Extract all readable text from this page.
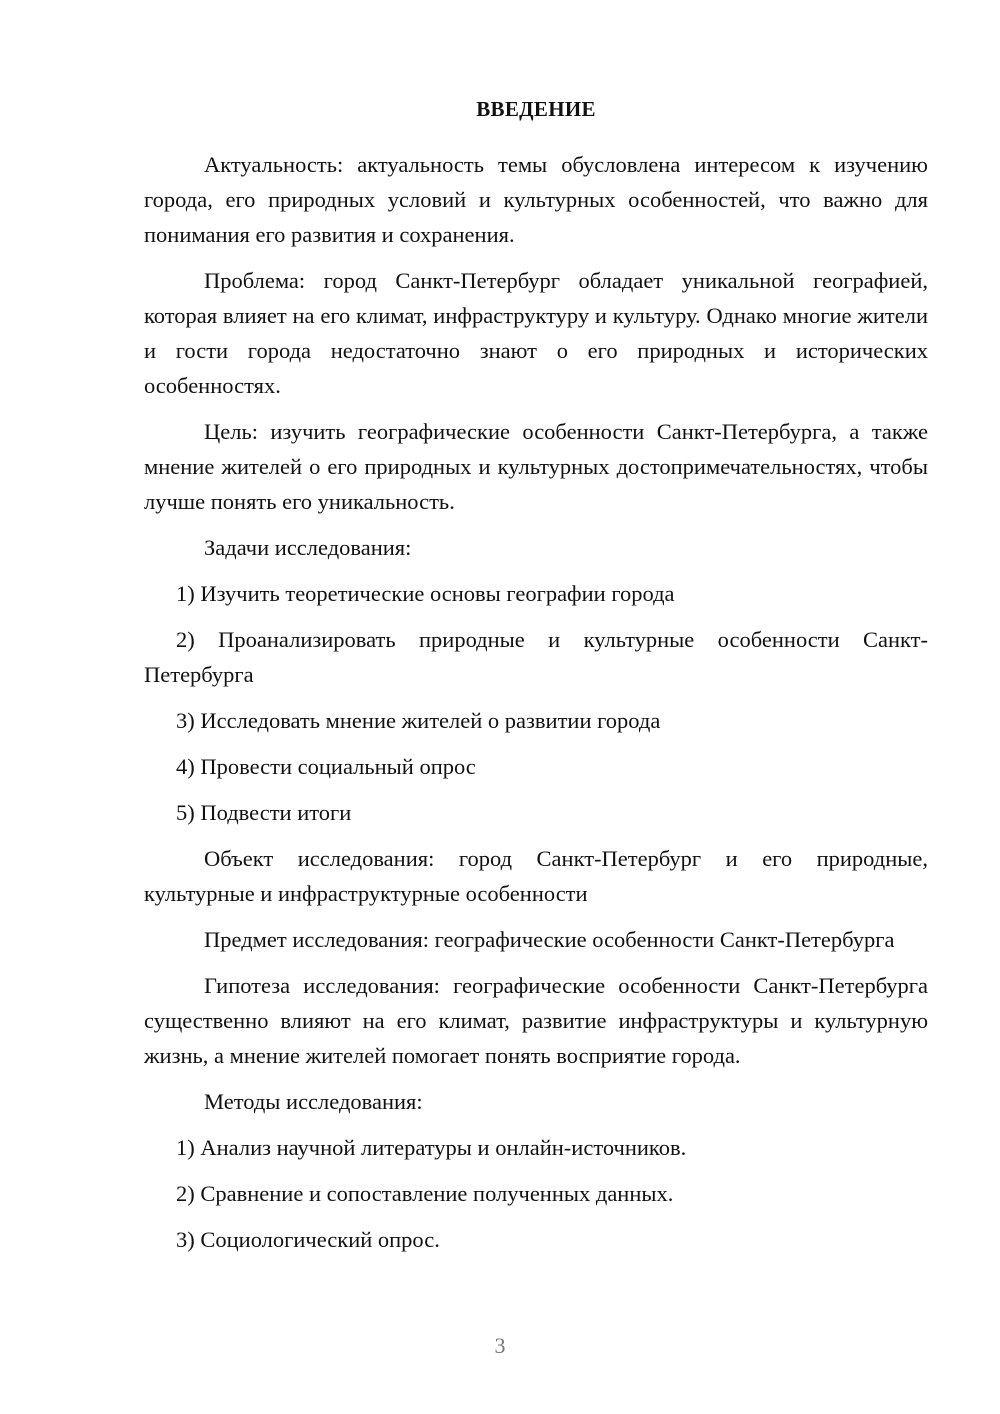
ВВЕДЕНИЕ

Актуальность: актуальность темы обусловлена интересом к изучению города, его природных условий и культурных особенностей, что важно для понимания его развития и сохранения.

Проблема: город Санкт-Петербург обладает уникальной географией, которая влияет на его климат, инфраструктуру и культуру. Однако многие жители и гости города недостаточно знают о его природных и исторических особенностях.

Цель: изучить географические особенности Санкт-Петербурга, а также мнение жителей о его природных и культурных достопримечательностях, чтобы лучше понять его уникальность.

Задачи исследования:

1) Изучить теоретические основы географии города
2) Проанализировать природные и культурные особенности Санкт-Петербурга
3) Исследовать мнение жителей о развитии города
4) Провести социальный опрос
5) Подвести итоги

Объект исследования: город Санкт-Петербург и его природные, культурные и инфраструктурные особенности

Предмет исследования: географические особенности Санкт-Петербурга

Гипотеза исследования: географические особенности Санкт-Петербурга существенно влияют на его климат, развитие инфраструктуры и культурную жизнь, а мнение жителей помогает понять восприятие города.

Методы исследования:

1) Анализ научной литературы и онлайн-источников.
2) Сравнение и сопоставление полученных данных.
3) Социологический опрос.
3
